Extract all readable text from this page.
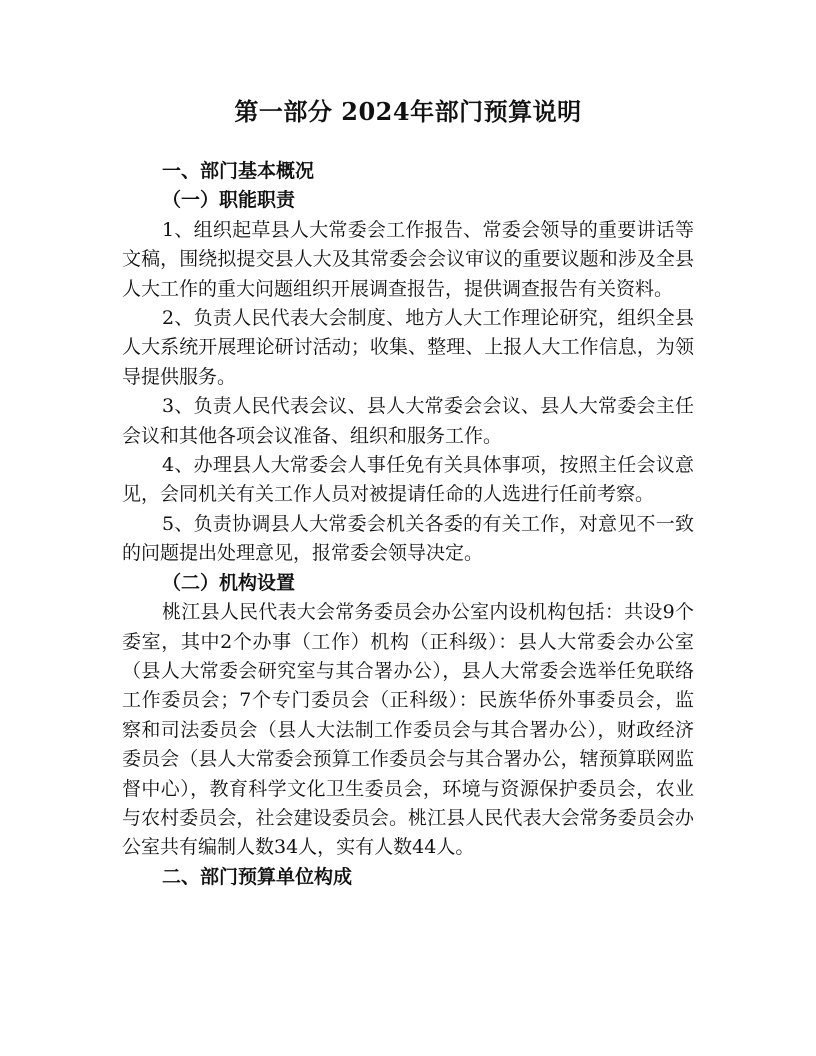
第一部分 2024年部门预算说明
一、部门基本概况
（一）职能职责
1、组织起草县人大常委会工作报告、常委会领导的重要讲话等文稿，围绕拟提交县人大及其常委会会议审议的重要议题和涉及全县人大工作的重大问题组织开展调查报告，提供调查报告有关资料。
2、负责人民代表大会制度、地方人大工作理论研究，组织全县人大系统开展理论研讨活动；收集、整理、上报人大工作信息，为领导提供服务。
3、负责人民代表会议、县人大常委会会议、县人大常委会主任会议和其他各项会议准备、组织和服务工作。
4、办理县人大常委会人事任免有关具体事项，按照主任会议意见，会同机关有关工作人员对被提请任命的人选进行任前考察。
5、负责协调县人大常委会机关各委的有关工作，对意见不一致的问题提出处理意见，报常委会领导决定。
（二）机构设置
桃江县人民代表大会常务委员会办公室内设机构包括：共设9个委室，其中2个办事（工作）机构（正科级）：县人大常委会办公室（县人大常委会研究室与其合署办公），县人大常委会选举任免联络工作委员会；7个专门委员会（正科级）：民族华侨外事委员会，监察和司法委员会（县人大法制工作委员会与其合署办公），财政经济委员会（县人大常委会预算工作委员会与其合署办公，辖预算联网监督中心），教育科学文化卫生委员会，环境与资源保护委员会，农业与农村委员会，社会建设委员会。桃江县人民代表大会常务委员会办公室共有编制人数34人，实有人数44人。
二、部门预算单位构成
